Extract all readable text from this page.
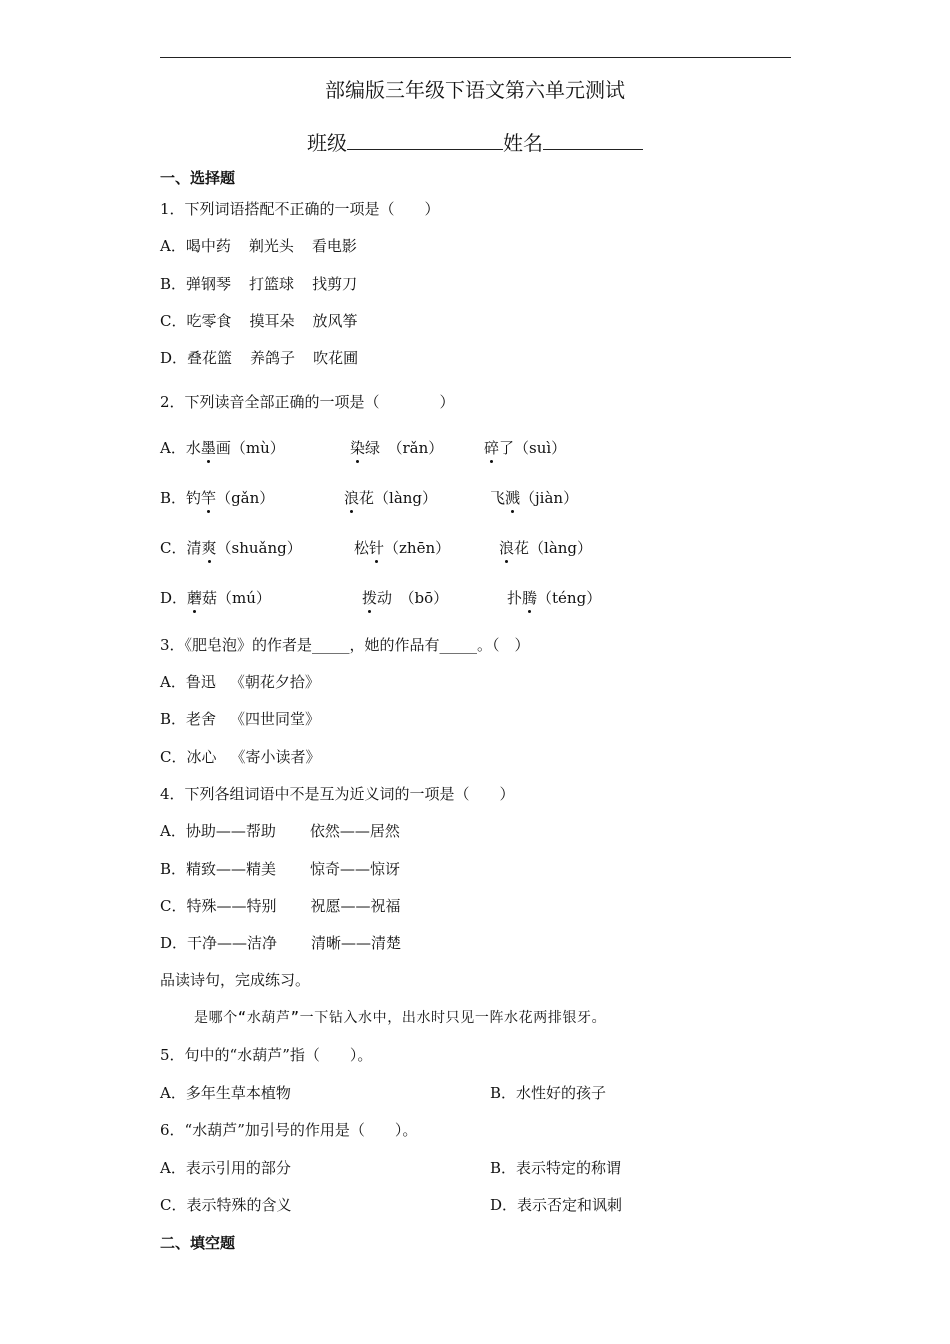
部编版三年级下语文第六单元测试
班级	姓名
一、选择题
1．下列词语搭配不正确的一项是（　　）
A．喝中药 剃光头 看电影
B．弹钢琴 打篮球 找剪刀
C．吃零食 摸耳朵 放风筝
D．叠花篮 养鸽子 吹花圃
2．下列读音全部正确的一项是（　　　　）
A．水墨画（mù）	染绿　（rǎn）	碎了（suì）
B．钓竿（gǎn）	浪花（làng）	飞溅（jiàn）
C．清爽（shuǎng）	松针（zhēn）	浪花（làng）
D．蘑菇（mú）	拨动　（bō）	扑腾（téng）
3．《肥皂泡》的作者是_____，她的作品有_____。（　）
A．鲁迅 《朝花夕拾》
B．老舍 《四世同堂》
C．冰心 《寄小读者》
4．下列各组词语中不是互为近义词的一项是（　　）
A．协助——帮助 依然——居然
B．精致——精美 惊奇——惊讶
C．特殊——特别 祝愿——祝福
D．干净——洁净 清晰——清楚
品读诗句，完成练习。
是哪个“水葫芦”一下钻入水中，出水时只见一阵水花两排银牙。
5．句中的“水葫芦”指（　　）。
A．多年生草本植物	B．水性好的孩子
6．“水葫芦”加引号的作用是（　　）。
A．表示引用的部分	B．表示特定的称谓
C．表示特殊的含义	D．表示否定和讽刺
二、填空题
